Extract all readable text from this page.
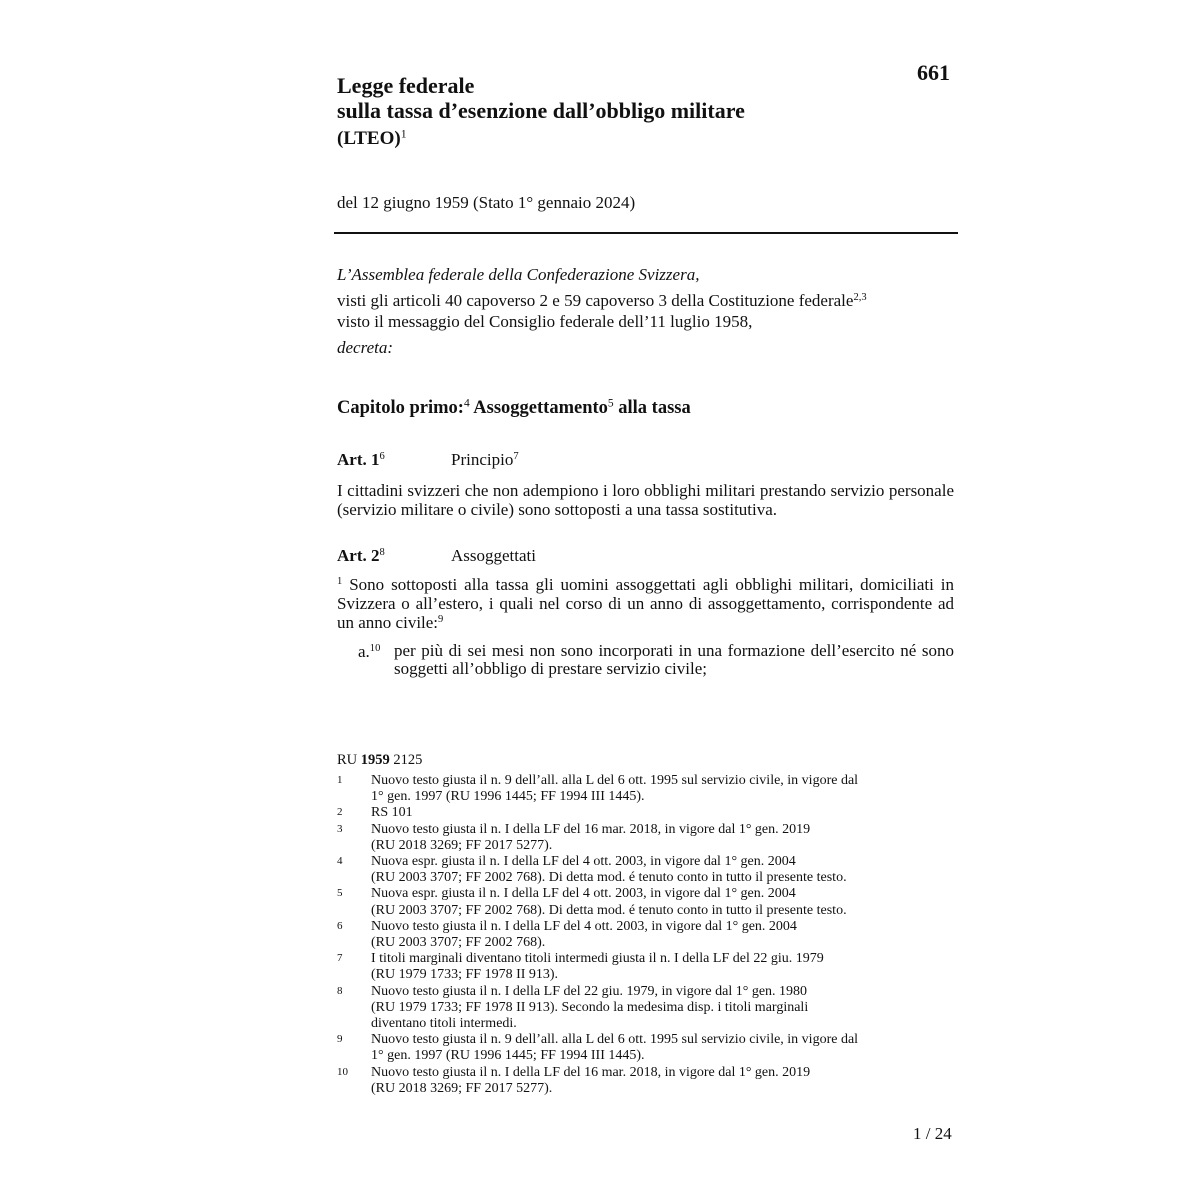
661
Legge federale
sulla tassa d’esenzione dall’obbligo militare
(LTEO)$^1$
del 12 giugno 1959 (Stato 1° gennaio 2024)
L’Assemblea federale della Confederazione Svizzera,
visti gli articoli 40 capoverso 2 e 59 capoverso 3 della Costituzione federale$^{2,3}$
visto il messaggio del Consiglio federale dell’11 luglio 1958,
decreta:
Capitolo primo:$^4$ Assoggettamento$^5$ alla tassa
Art. $1^6$	Principio$^7$
I cittadini svizzeri che non adempiono i loro obblighi militari prestando servizio personale (servizio militare o civile) sono sottoposti a una tassa sostitutiva.
Art. $2^8$	Assoggettati
$^1$ Sono sottoposti alla tassa gli uomini assoggettati agli obblighi militari, domiciliati in Svizzera o all’estero, i quali nel corso di un anno di assoggettamento, corrispondente ad un anno civile:$^9$
a.$^{10}$ per più di sei mesi non sono incorporati in una formazione dell’esercito né sono soggetti all’obbligo di prestare servizio civile;
RU 1959 2125
1	Nuovo testo giusta il n. 9 dell’all. alla L del 6 ott. 1995 sul servizio civile, in vigore dal
1° gen. 1997 (RU 1996 1445; FF 1994 III 1445).
2	RS 101
3	Nuovo testo giusta il n. I della LF del 16 mar. 2018, in vigore dal 1° gen. 2019
(RU 2018 3269; FF 2017 5277).
4	Nuova espr. giusta il n. I della LF del 4 ott. 2003, in vigore dal 1° gen. 2004
(RU 2003 3707; FF 2002 768). Di detta mod. é tenuto conto in tutto il presente testo.
5	Nuova espr. giusta il n. I della LF del 4 ott. 2003, in vigore dal 1° gen. 2004
(RU 2003 3707; FF 2002 768). Di detta mod. é tenuto conto in tutto il presente testo.
6	Nuovo testo giusta il n. I della LF del 4 ott. 2003, in vigore dal 1° gen. 2004
(RU 2003 3707; FF 2002 768).
7	I titoli marginali diventano titoli intermedi giusta il n. I della LF del 22 giu. 1979
(RU 1979 1733; FF 1978 II 913).
8	Nuovo testo giusta il n. I della LF del 22 giu. 1979, in vigore dal 1° gen. 1980
(RU 1979 1733; FF 1978 II 913). Secondo la medesima disp. i titoli marginali
diventano titoli intermedi.
9	Nuovo testo giusta il n. 9 dell’all. alla L del 6 ott. 1995 sul servizio civile, in vigore dal
1° gen. 1997 (RU 1996 1445; FF 1994 III 1445).
10	Nuovo testo giusta il n. I della LF del 16 mar. 2018, in vigore dal 1° gen. 2019
(RU 2018 3269; FF 2017 5277).
1 / 24
